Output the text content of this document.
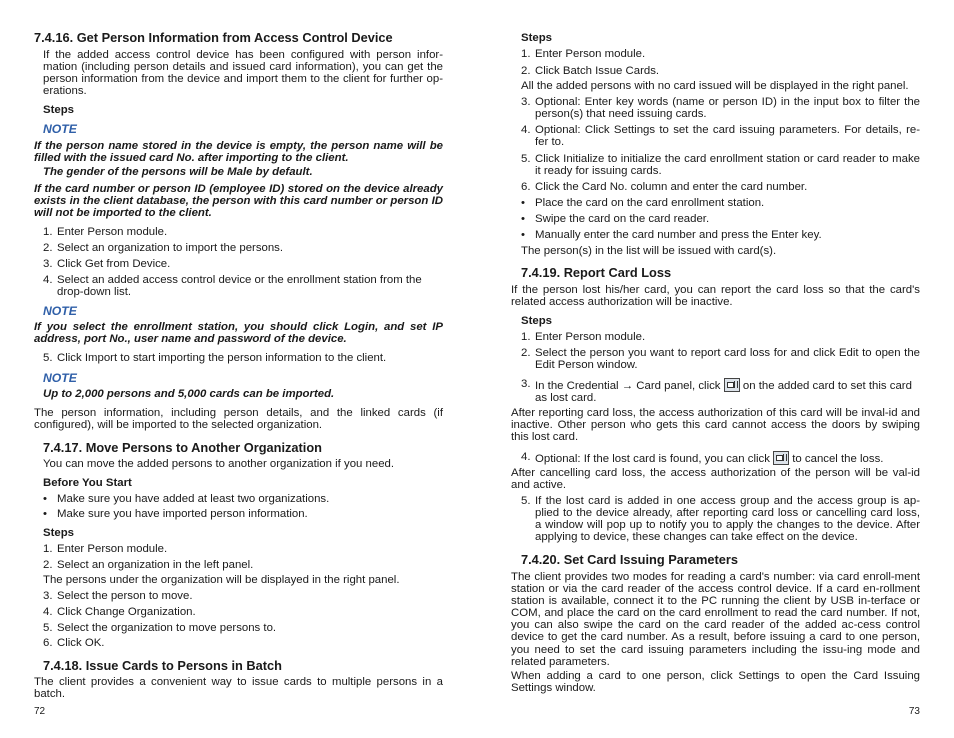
7.4.16. Get Person Information from Access Control Device
If the added access control device has been configured with person infor-mation (including person details and issued card information), you can get the person information from the device and import them to the client for further op-erations.
Steps
NOTE
If the person name stored in the device is empty, the person name will be filled with the issued card No. after importing to the client.
The gender of the persons will be Male by default.
If the card number or person ID (employee ID) stored on the device already exists in the client database, the person with this card number or person ID will not be imported to the client.
1. Enter Person module.
2. Select an organization to import the persons.
3. Click Get from Device.
4. Select an added access control device or the enrollment station from the drop-down list.
NOTE
If you select the enrollment station, you should click Login, and set IP address, port No., user name and password of the device.
5. Click Import to start importing the person information to the client.
NOTE
Up to 2,000 persons and 5,000 cards can be imported.
The person information, including person details, and the linked cards (if configured), will be imported to the selected organization.
7.4.17. Move Persons to Another Organization
You can move the added persons to another organization if you need.
Before You Start
• Make sure you have added at least two organizations.
• Make sure you have imported person information.
Steps
1. Enter Person module.
2. Select an organization in the left panel.
The persons under the organization will be displayed in the right panel.
3. Select the person to move.
4. Click Change Organization.
5. Select the organization to move persons to.
6. Click OK.
7.4.18. Issue Cards to Persons in Batch
The client provides a convenient way to issue cards to multiple persons in a batch.
72
Steps
1. Enter Person module.
2. Click Batch Issue Cards.
All the added persons with no card issued will be displayed in the right panel.
3. Optional: Enter key words (name or person ID) in the input box to filter the person(s) that need issuing cards.
4. Optional: Click Settings to set the card issuing parameters. For details, re-fer to.
5. Click Initialize to initialize the card enrollment station or card reader to make it ready for issuing cards.
6. Click the Card No. column and enter the card number.
• Place the card on the card enrollment station.
• Swipe the card on the card reader.
• Manually enter the card number and press the Enter key.
The person(s) in the list will be issued with card(s).
7.4.19. Report Card Loss
If the person lost his/her card, you can report the card loss so that the card's related access authorization will be inactive.
Steps
1. Enter Person module.
2. Select the person you want to report card loss for and click Edit to open the Edit Person window.
3. In the Credential → Card panel, click on the added card to set this card as lost card.
After reporting card loss, the access authorization of this card will be inval-id and inactive. Other person who gets this card cannot access the doors by swiping this lost card.
4. Optional: If the lost card is found, you can click to cancel the loss.
After cancelling card loss, the access authorization of the person will be val-id and active.
5. If the lost card is added in one access group and the access group is ap-plied to the device already, after reporting card loss or cancelling card loss, a window will pop up to notify you to apply the changes to the device. After applying to device, these changes can take effect on the device.
7.4.20. Set Card Issuing Parameters
The client provides two modes for reading a card's number: via card enroll-ment station or via the card reader of the access control device. If a card en-rollment station is available, connect it to the PC running the client by USB in-terface or COM, and place the card on the card enrollment to read the card number. If not, you can also swipe the card on the card reader of the added ac-cess control device to get the card number. As a result, before issuing a card to one person, you need to set the card issuing parameters including the issu-ing mode and related parameters.
When adding a card to one person, click Settings to open the Card Issuing Settings window.
73
